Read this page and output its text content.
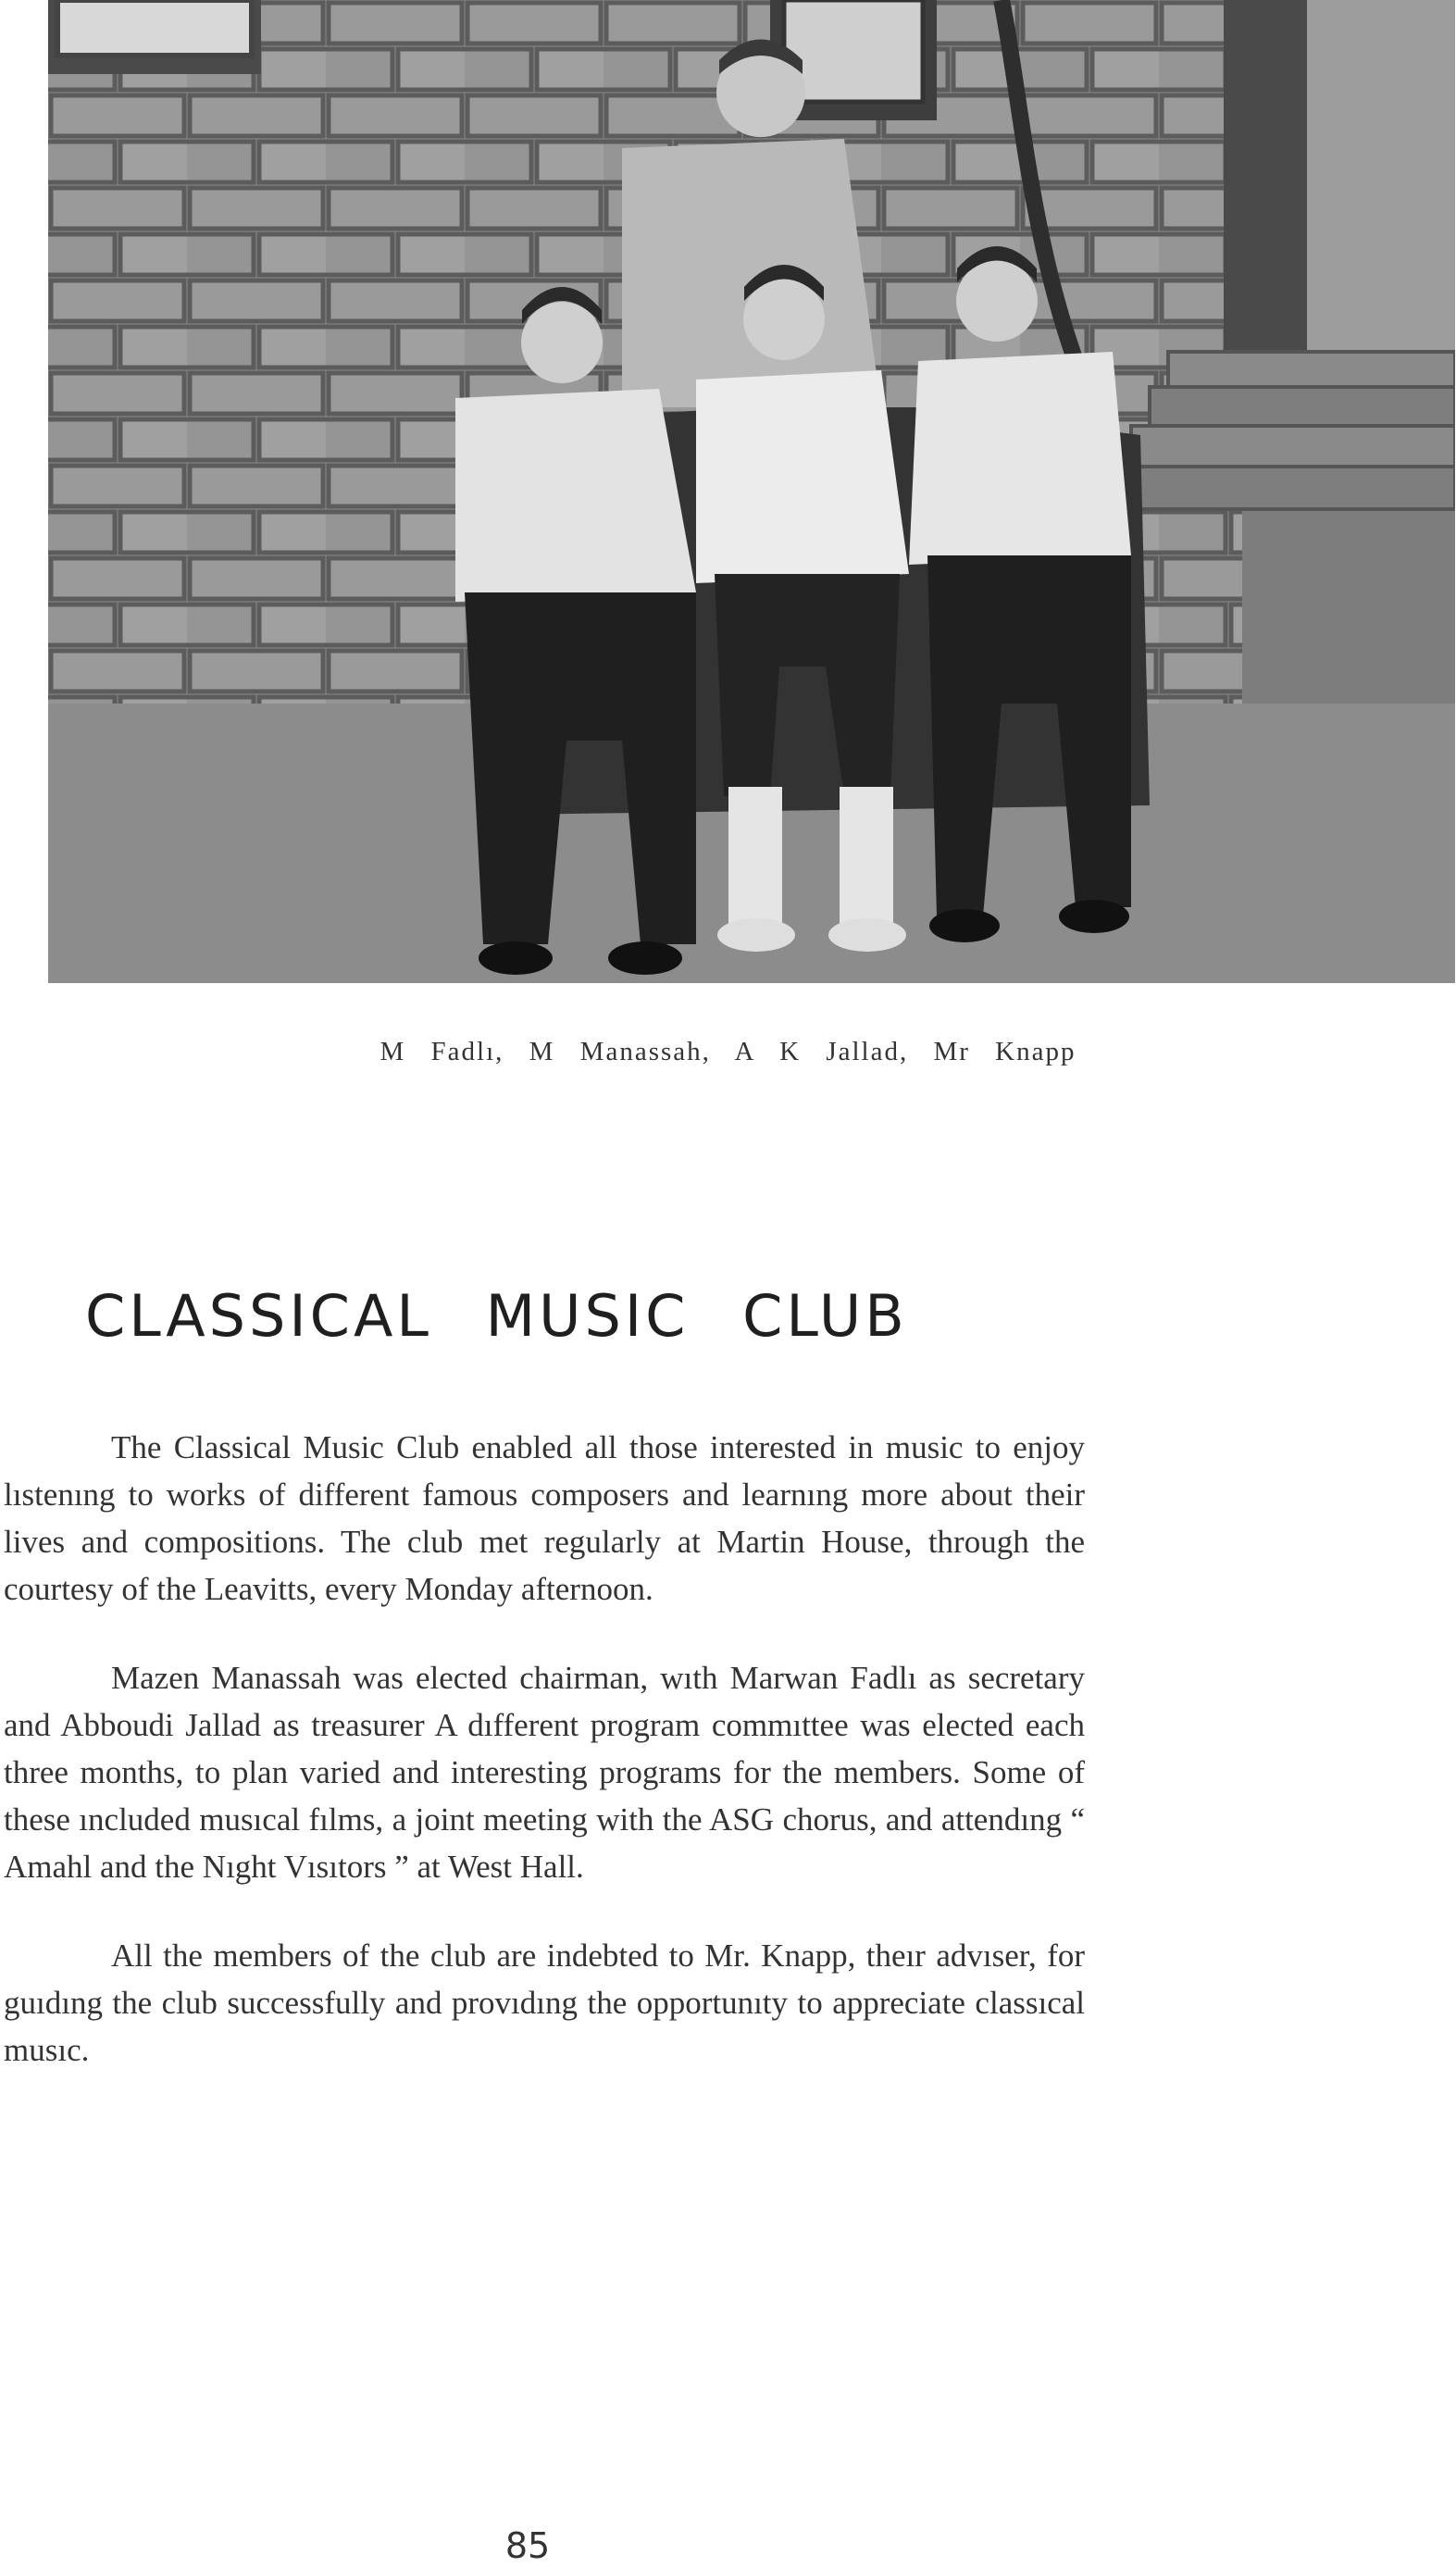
M Fadlı, M Manassah, A K Jallad, Mr Knapp
CLASSICAL MUSIC CLUB

The Classical Music Club enabled all those interested in music to enjoy lıstenıng to works of different famous composers and learnıng more about their lives and compositions. The club met regularly at Martin House, through the courtesy of the Leavitts, every Monday afternoon.

Mazen Manassah was elected chairman, wıth Marwan Fadlı as secretary and Abboudi Jallad as treasurer A dıfferent program commıttee was elected each three months, to plan varied and interesting programs for the members. Some of these ıncluded musıcal fılms, a joint meeting with the ASG chorus, and attendıng “ Amahl and the Nıght Vısıtors ” at West Hall.

All the members of the club are indebted to Mr. Knapp, theır advıser, for guıdıng the club successfully and provıdıng the opportunıty to appreciate classıcal musıc.

85
